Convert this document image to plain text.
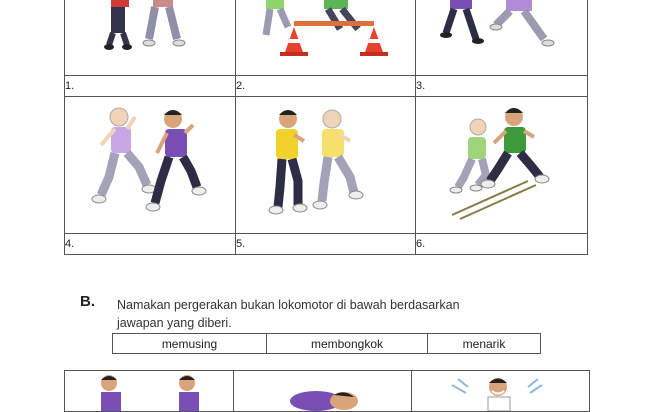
1.	2.	3.

4.	5.	6.
B. Namakan pergerakan bukan lokomotor di bawah berdasarkan
jawapan yang diberi.
memusing	membongkok	menarik
